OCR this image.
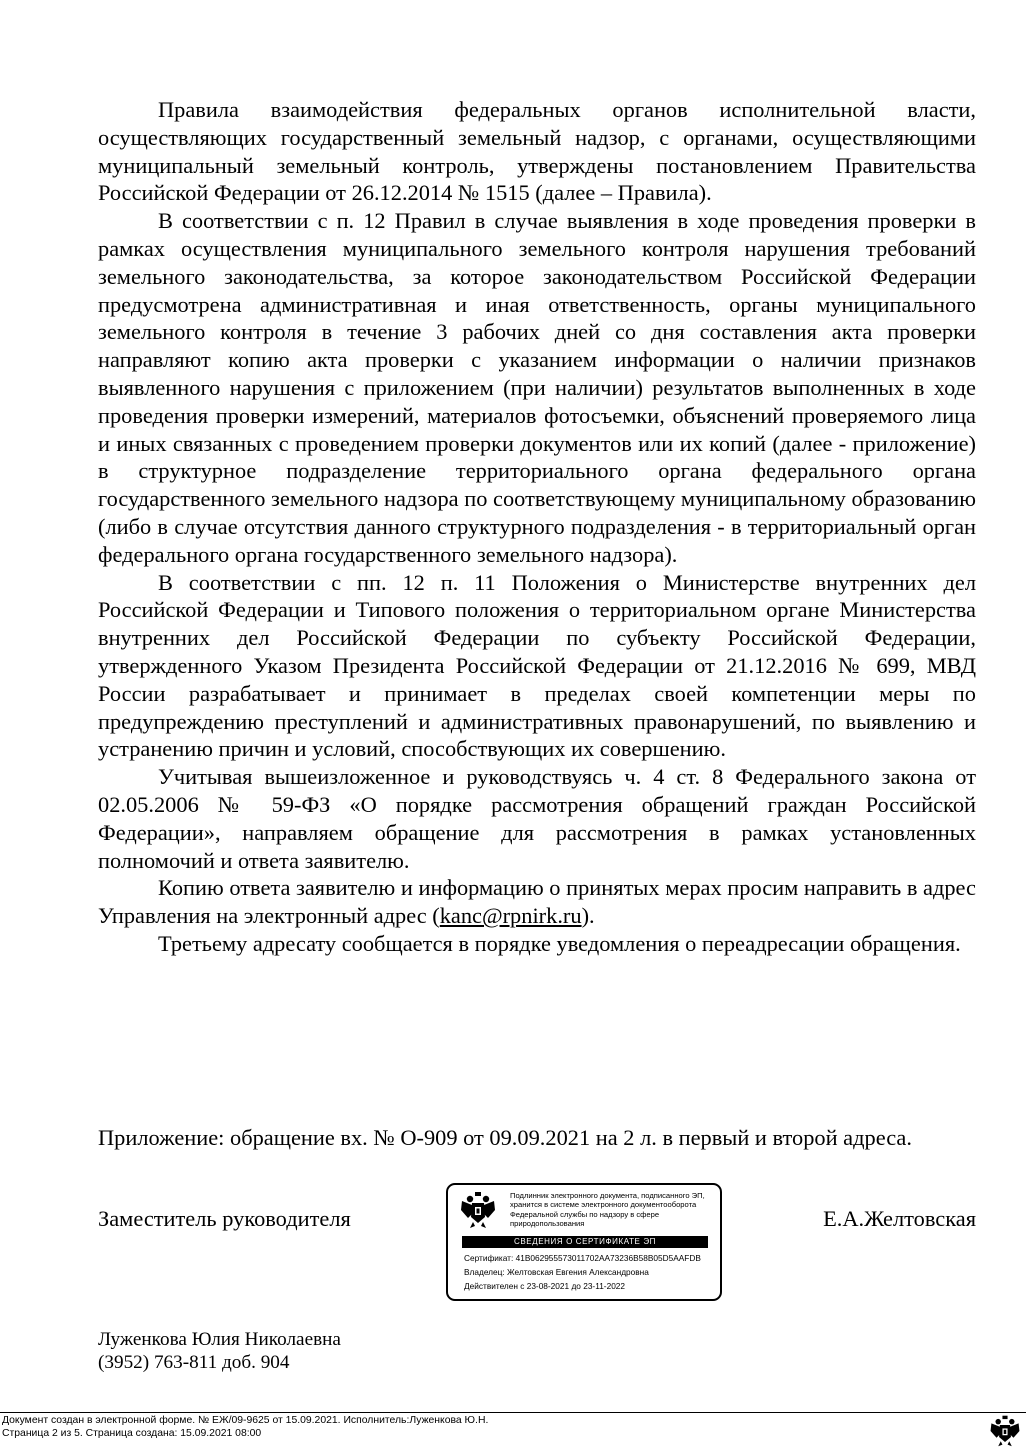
Правила взаимодействия федеральных органов исполнительной власти, осуществляющих государственный земельный надзор, с органами, осуществляющими муниципальный земельный контроль, утверждены постановлением Правительства Российской Федерации от 26.12.2014 № 1515 (далее – Правила).

В соответствии с п. 12 Правил в случае выявления в ходе проведения проверки в рамках осуществления муниципального земельного контроля нарушения требований земельного законодательства, за которое законодательством Российской Федерации предусмотрена административная и иная ответственность, органы муниципального земельного контроля в течение 3 рабочих дней со дня составления акта проверки направляют копию акта проверки с указанием информации о наличии признаков выявленного нарушения с приложением (при наличии) результатов выполненных в ходе проведения проверки измерений, материалов фотосъемки, объяснений проверяемого лица и иных связанных с проведением проверки документов или их копий (далее - приложение) в структурное подразделение территориального органа федерального органа государственного земельного надзора по соответствующему муниципальному образованию (либо в случае отсутствия данного структурного подразделения - в территориальный орган федерального органа государственного земельного надзора).

В соответствии с пп. 12 п. 11 Положения о Министерстве внутренних дел Российской Федерации и Типового положения о территориальном органе Министерства внутренних дел Российской Федерации по субъекту Российской Федерации, утвержденного Указом Президента Российской Федерации от 21.12.2016 № 699, МВД России разрабатывает и принимает в пределах своей компетенции меры по предупреждению преступлений и административных правонарушений, по выявлению и устранению причин и условий, способствующих их совершению.

Учитывая вышеизложенное и руководствуясь ч. 4 ст. 8 Федерального закона от 02.05.2006 № 59-ФЗ «О порядке рассмотрения обращений граждан Российской Федерации», направляем обращение для рассмотрения в рамках установленных полномочий и ответа заявителю.

Копию ответа заявителю и информацию о принятых мерах просим направить в адрес Управления на электронный адрес (kanc@rpnirk.ru).

Третьему адресату сообщается в порядке уведомления о переадресации обращения.

Приложение: обращение вх. № О-909 от 09.09.2021 на 2 л. в первый и второй адреса.
Заместитель руководителя
Подлинник электронного документа, подписанного ЭП, хранится в системе электронного документооборота Федеральной службы по надзору в сфере природопользования
СВЕДЕНИЯ О СЕРТИФИКАТЕ ЭП
Сертификат: 41B062955573011702AA73236B58B05D5AAFDB
Владелец: Желтовская Евгения Александровна
Действителен с 23-08-2021 до 23-11-2022
Е.А.Желтовская
Луженкова Юлия Николаевна
(3952) 763-811 доб. 904
Документ создан в электронной форме. № ЕЖ/09-9625 от 15.09.2021. Исполнитель:Луженкова Ю.Н.
Страница 2 из 5. Страница создана: 15.09.2021 08:00
